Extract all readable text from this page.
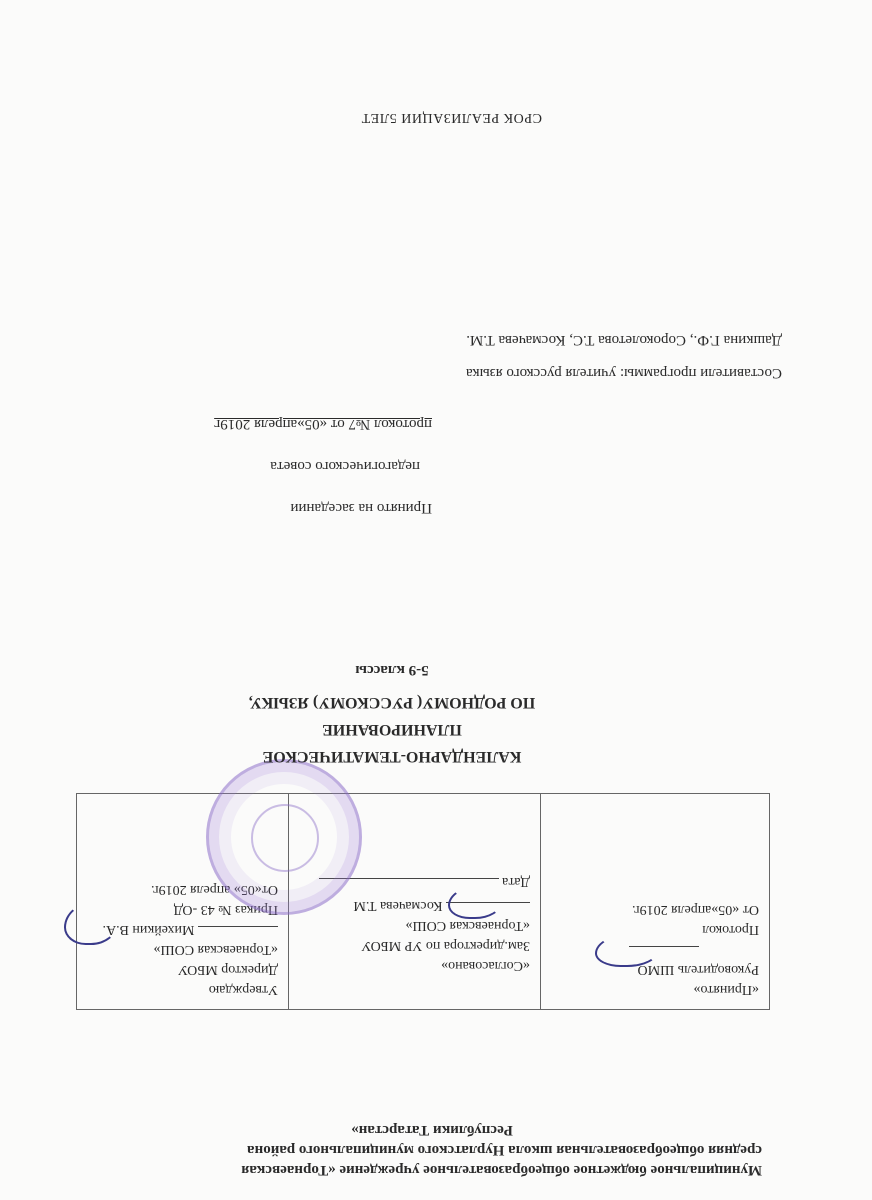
Муниципальное бюджетное общеобразовательное учреждение «Торнаевская
средняя общеобразовательная школа Нурлатского муниципального района
Республики Татарстан»
«Принято»
Руководитель ШМО
Протокол
От «05»апреля 2019г.
«Согласовано»
Зам.директора по УР МБОУ
«Торнаевская СОШ»
Космачева Т.М
Дата
Утверждаю
Директор МБОУ
«Торнаевская СОШ»
Михейкин В.А.
Приказ № 43 -ОД
От«05» апреля 2019г.
КАЛЕНДАРНО-ТЕМАТИЧЕСКОЕ
ПЛАНИРОВАНИЕ
ПО РОДНОМУ( РУССКОМУ) ЯЗЫКУ,
5-9 классы
Принято на заседании
педагогического совета
протокол №7 от «05»апреля 2019г
Составители программы: учителя русского языка
Дашкина Г.Ф., Сороколетова Т.С, Космачева Т.М.
СРОК РЕАЛИЗАЦИИ 5ЛЕТ
